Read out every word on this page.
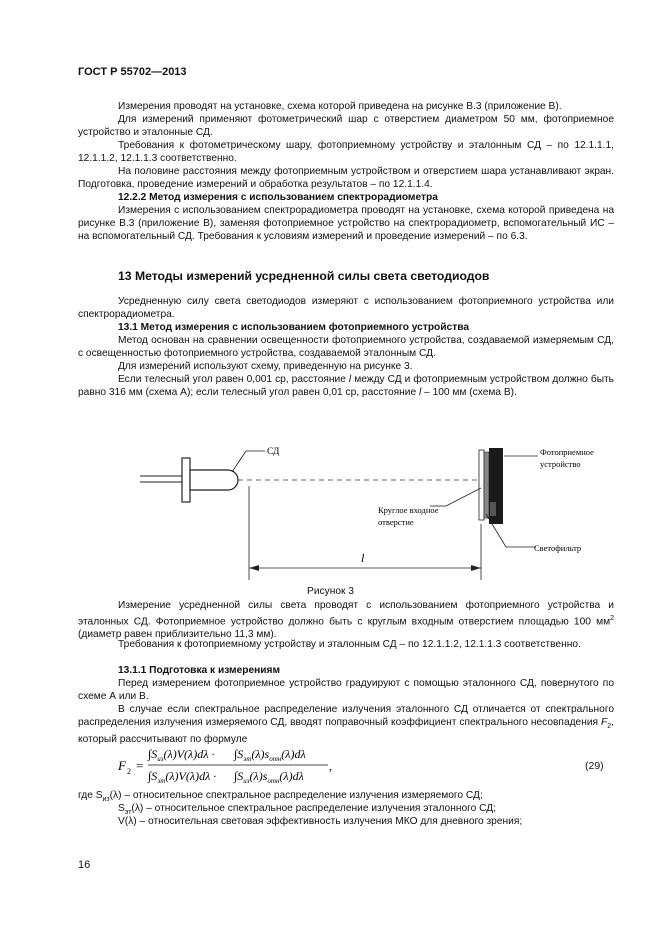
ГОСТ Р 55702—2013
Измерения проводят на установке, схема которой приведена на рисунке В.3 (приложение В).
Для измерений применяют фотометрический шар с отверстием диаметром 50 мм, фотоприемное устройство и эталонные СД.
Требования к фотометрическому шару, фотоприемному устройству и эталонным СД – по 12.1.1.1, 12.1.1.2, 12.1.1.3 соответственно.
На половине расстояния между фотоприемным устройством и отверстием шара устанавливают экран. Подготовка, проведение измерений и обработка результатов – по 12.1.1.4.
12.2.2 Метод измерения с использованием спектрорадиометра
Измерения с использованием спектрорадиометра проводят на установке, схема которой приведена на рисунке В.3 (приложение В), заменяя фотоприемное устройство на спектрорадиометр, вспомогательный ИС – на вспомогательный СД. Требования к условиям измерений и проведение измерений – по 6.3.
13 Методы измерений усредненной силы света светодиодов
Усредненную силу света светодиодов измеряют с использованием фотоприемного устройства или спектрорадиометра.
13.1 Метод измерения с использованием фотоприемного устройства
Метод основан на сравнении освещенности фотоприемного устройства, создаваемой измеряемым СД, с освещенностью фотоприемного устройства, создаваемой эталонным СД.
Для измерений используют схему, приведенную на рисунке 3.
Если телесный угол равен 0,001 ср, расстояние l между СД и фотоприемным устройством должно быть равно 316 мм (схема А); если телесный угол равен 0,01 ср, расстояние l – 100 мм (схема В).
СД	Фотоприемное
устройство
Круглое входное
отверстие
Светофильтр
l
Рисунок 3
Измерение усредненной силы света проводят с использованием фотоприемного устройства и эталонных СД. Фотоприемное устройство должно быть с круглым входным отверстием площадью 100 $мм^2$ (диаметр равен приблизительно 11,3 мм).
Требования к фотоприемному устройству и эталонным СД – по 12.1.1.2, 12.1.1.3 соответственно.
13.1.1 Подготовка к измерениям
Перед измерением фотоприемное устройство градуируют с помощью эталонного СД, повернутого по схеме А или В.
В случае если спектральное распределение излучения эталонного СД отличается от спектрального распределения излучения измеряемого СД, вводят поправочный коэффициент спектрального несовпадения $F_2$, который рассчитывают по формуле
F 2 =
$\int S_{из}(\lambda)V(\lambda)d\lambda \cdot \int S_{эт}(\lambda)s_{отн}(\lambda)d\lambda$
$\int S_{эт}(\lambda)V(\lambda)d\lambda \cdot \int S_{из}(\lambda)s_{отн}(\lambda)d\lambda$
,	(29)
где $S_{из}(\lambda)$ – относительное спектральное распределение излучения измеряемого СД;
$S_{эт}(\lambda)$ – относительное спектральное распределение излучения эталонного СД;
V(λ) – относительная световая эффективность излучения МКО для дневного зрения;
16
